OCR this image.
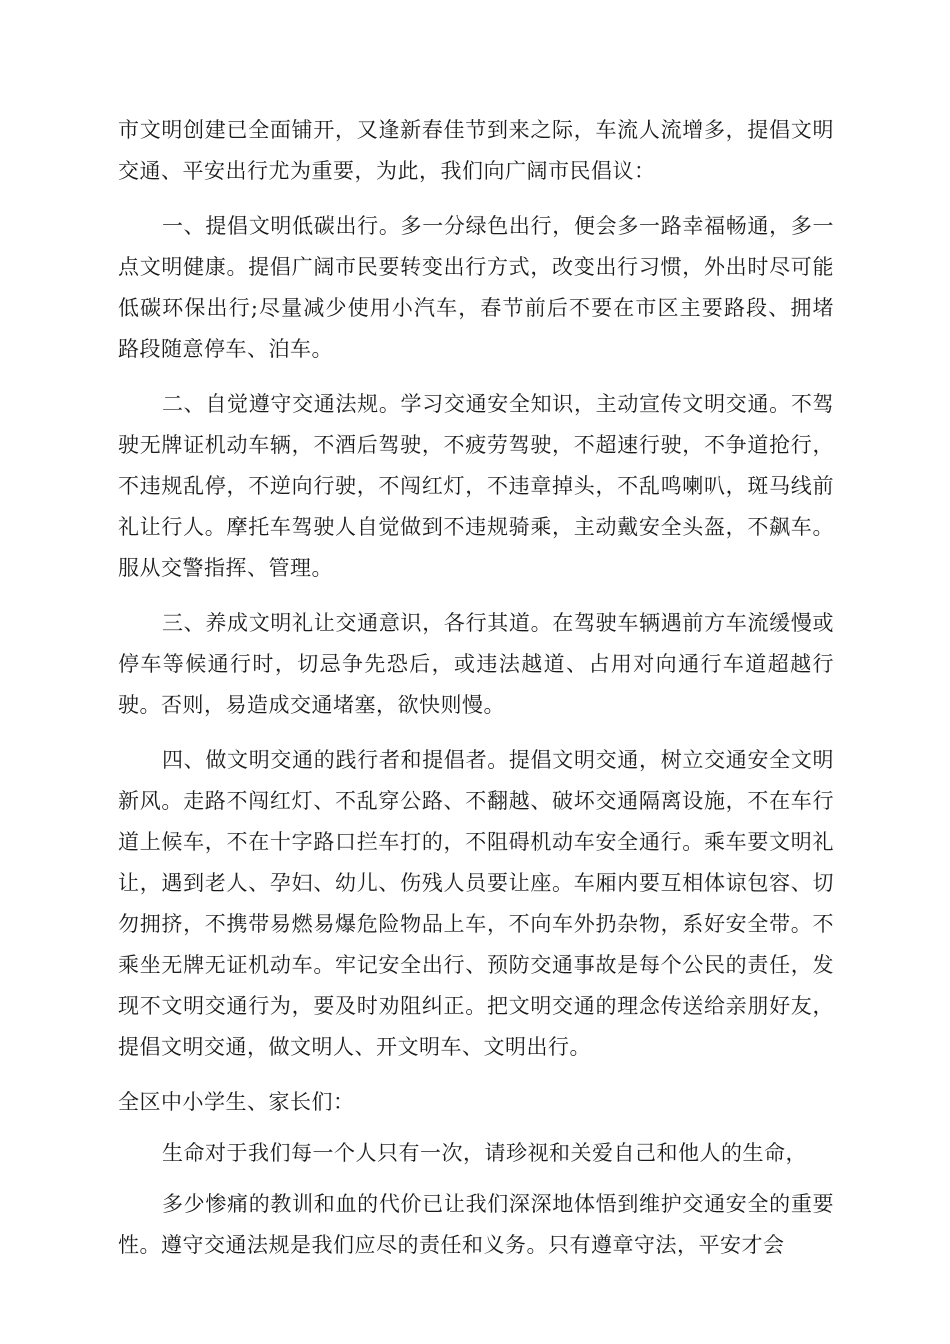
市文明创建已全面铺开，又逢新春佳节到来之际，车流人流增多，提倡文明交通、平安出行尤为重要，为此，我们向广阔市民倡议：

一、提倡文明低碳出行。多一分绿色出行，便会多一路幸福畅通，多一点文明健康。提倡广阔市民要转变出行方式，改变出行习惯，外出时尽可能低碳环保出行;尽量减少使用小汽车，春节前后不要在市区主要路段、拥堵路段随意停车、泊车。

二、自觉遵守交通法规。学习交通安全知识，主动宣传文明交通。不驾驶无牌证机动车辆，不酒后驾驶，不疲劳驾驶，不超速行驶，不争道抢行，不违规乱停，不逆向行驶，不闯红灯，不违章掉头，不乱鸣喇叭，斑马线前礼让行人。摩托车驾驶人自觉做到不违规骑乘，主动戴安全头盔，不飙车。服从交警指挥、管理。

三、养成文明礼让交通意识，各行其道。在驾驶车辆遇前方车流缓慢或停车等候通行时，切忌争先恐后，或违法越道、占用对向通行车道超越行驶。否则，易造成交通堵塞，欲快则慢。

四、做文明交通的践行者和提倡者。提倡文明交通，树立交通安全文明新风。走路不闯红灯、不乱穿公路、不翻越、破坏交通隔离设施，不在车行道上候车，不在十字路口拦车打的，不阻碍机动车安全通行。乘车要文明礼让，遇到老人、孕妇、幼儿、伤残人员要让座。车厢内要互相体谅包容、切勿拥挤，不携带易燃易爆危险物品上车，不向车外扔杂物，系好安全带。不乘坐无牌无证机动车。牢记安全出行、预防交通事故是每个公民的责任，发现不文明交通行为，要及时劝阻纠正。把文明交通的理念传送给亲朋好友，提倡文明交通，做文明人、开文明车、文明出行。

全区中小学生、家长们：

生命对于我们每一个人只有一次，请珍视和关爱自己和他人的生命，

多少惨痛的教训和血的代价已让我们深深地体悟到维护交通安全的重要性。遵守交通法规是我们应尽的责任和义务。只有遵章守法，平安才会
